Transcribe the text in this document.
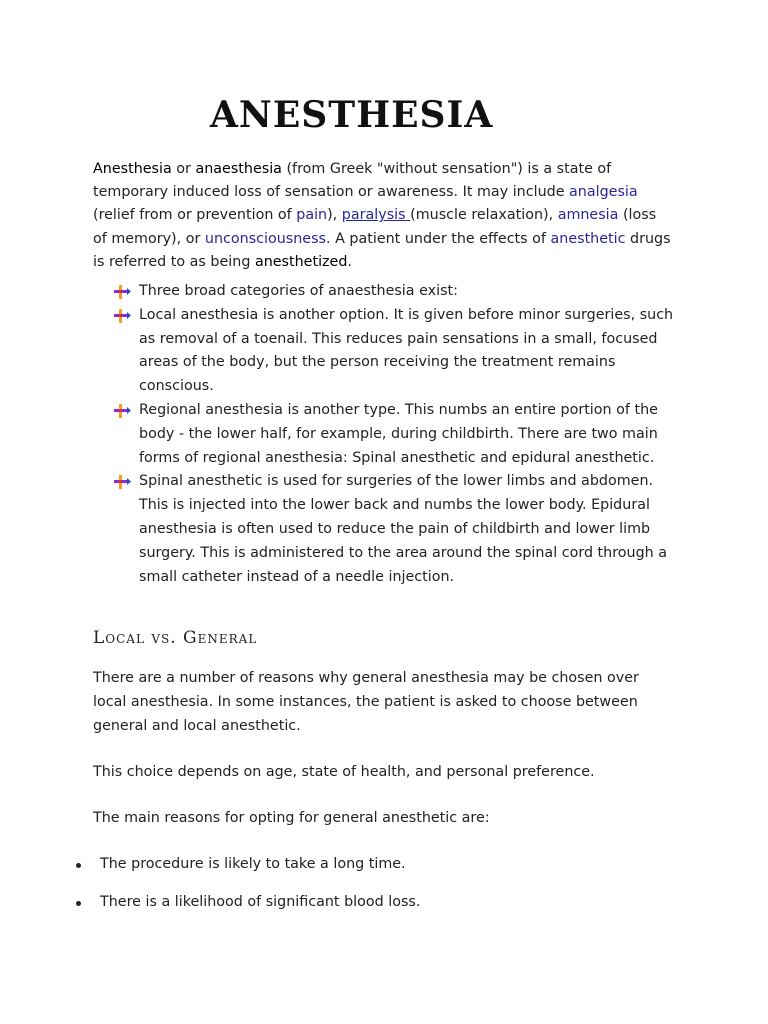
ANESTHESIA

Anesthesia or anaesthesia (from Greek "without sensation") is a state of temporary induced loss of sensation or awareness. It may include analgesia (relief from or prevention of pain), paralysis (muscle relaxation), amnesia (loss of memory), or unconsciousness. A patient under the effects of anesthetic drugs is referred to as being anesthetized.

Three broad categories of anaesthesia exist:
Local anesthesia is another option. It is given before minor surgeries, such as removal of a toenail. This reduces pain sensations in a small, focused areas of the body, but the person receiving the treatment remains conscious.
Regional anesthesia is another type. This numbs an entire portion of the body - the lower half, for example, during childbirth. There are two main forms of regional anesthesia: Spinal anesthetic and epidural anesthetic.
Spinal anesthetic is used for surgeries of the lower limbs and abdomen. This is injected into the lower back and numbs the lower body. Epidural anesthesia is often used to reduce the pain of childbirth and lower limb surgery. This is administered to the area around the spinal cord through a small catheter instead of a needle injection.
Local vs. General

There are a number of reasons why general anesthesia may be chosen over local anesthesia. In some instances, the patient is asked to choose between general and local anesthetic.

This choice depends on age, state of health, and personal preference.

The main reasons for opting for general anesthetic are:

The procedure is likely to take a long time.
There is a likelihood of significant blood loss.
